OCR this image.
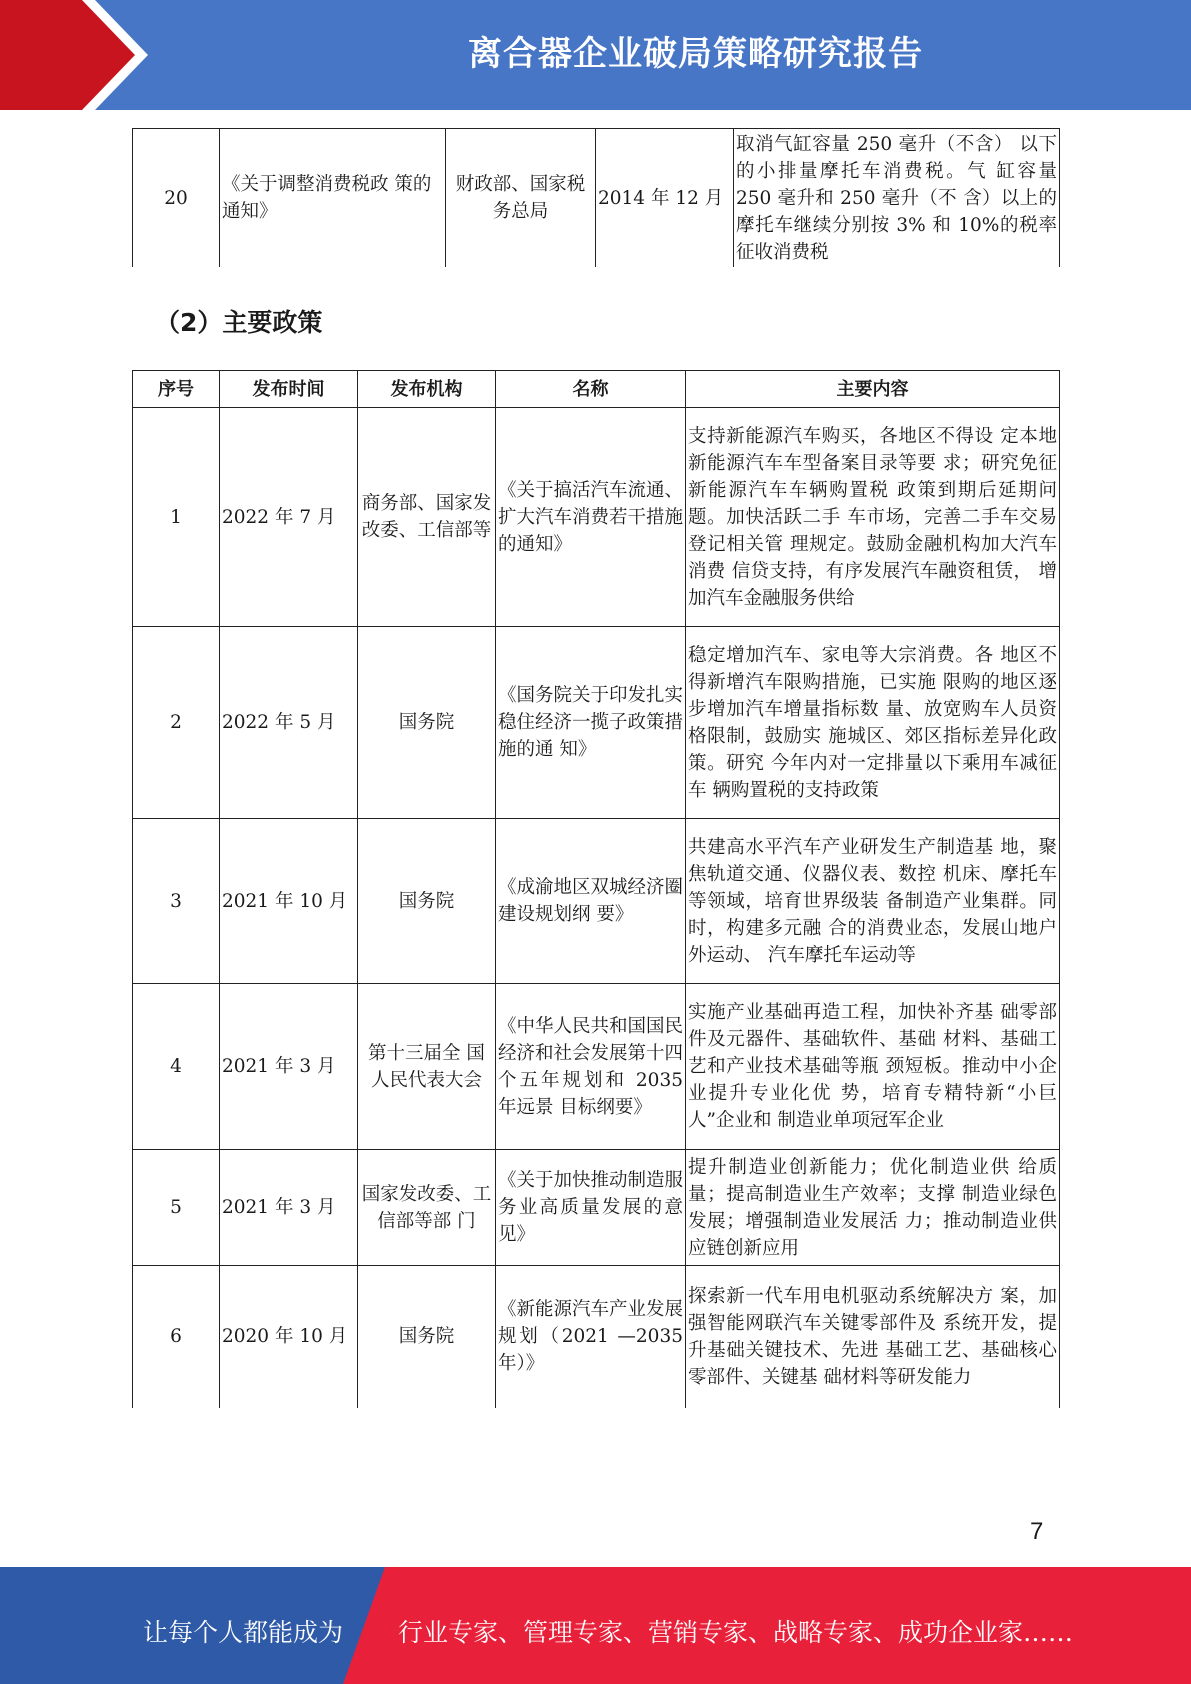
离合器企业破局策略研究报告
20	《关于调整消费税政 策的通知》	财政部、国家税务总局	2014 年 12 月	取消气缸容量 250 毫升（不含） 以下的小排量摩托车消费税。气 缸容量 250 毫升和 250 毫升（不 含）以上的摩托车继续分别按 3% 和 10%的税率征收消费税
（2）主要政策
序号	发布时间	发布机构	名称	主要内容
1	2022 年 7 月	商务部、国家发改委、工信部等	《关于搞活汽车流通、扩大汽车消费若干措施的通知》	支持新能源汽车购买，各地区不得设 定本地新能源汽车车型备案目录等要 求；研究免征新能源汽车车辆购置税 政策到期后延期问题。加快活跃二手 车市场，完善二手车交易登记相关管 理规定。鼓励金融机构加大汽车消费 信贷支持，有序发展汽车融资租赁， 增加汽车金融服务供给
2	2022 年 5 月	国务院	《国务院关于印发扎实稳住经济一揽子政策措施的通 知》	稳定增加汽车、家电等大宗消费。各 地区不得新增汽车限购措施，已实施 限购的地区逐步增加汽车增量指标数 量、放宽购车人员资格限制，鼓励实 施城区、郊区指标差异化政策。研究 今年内对一定排量以下乘用车减征车 辆购置税的支持政策
3	2021 年 10 月	国务院	《成渝地区双城经济圈建设规划纲 要》	共建高水平汽车产业研发生产制造基 地，聚焦轨道交通、仪器仪表、数控 机床、摩托车等领域，培育世界级装 备制造产业集群。同时，构建多元融 合的消费业态，发展山地户外运动、 汽车摩托车运动等
4	2021 年 3 月	第十三届全 国人民代表大会	《中华人民共和国国民经济和社会发展第十四个五年规划和 2035 年远景 目标纲要》	实施产业基础再造工程，加快补齐基 础零部件及元器件、基础软件、基础 材料、基础工艺和产业技术基础等瓶 颈短板。推动中小企业提升专业化优 势，培育专精特新“小巨人”企业和 制造业单项冠军企业
5	2021 年 3 月	国家发改委、工信部等部 门	《关于加快推动制造服务业高质量发展的意见》	提升制造业创新能力；优化制造业供 给质量；提高制造业生产效率；支撑 制造业绿色发展；增强制造业发展活 力；推动制造业供应链创新应用
6	2020 年 10 月	国务院	《新能源汽车产业发展规划（2021 —2035 年）》	探索新一代车用电机驱动系统解决方 案，加强智能网联汽车关键零部件及 系统开发，提升基础关键技术、先进 基础工艺、基础核心零部件、关键基 础材料等研发能力
7
让每个人都能成为 行业专家、管理专家、营销专家、战略专家、成功企业家……
